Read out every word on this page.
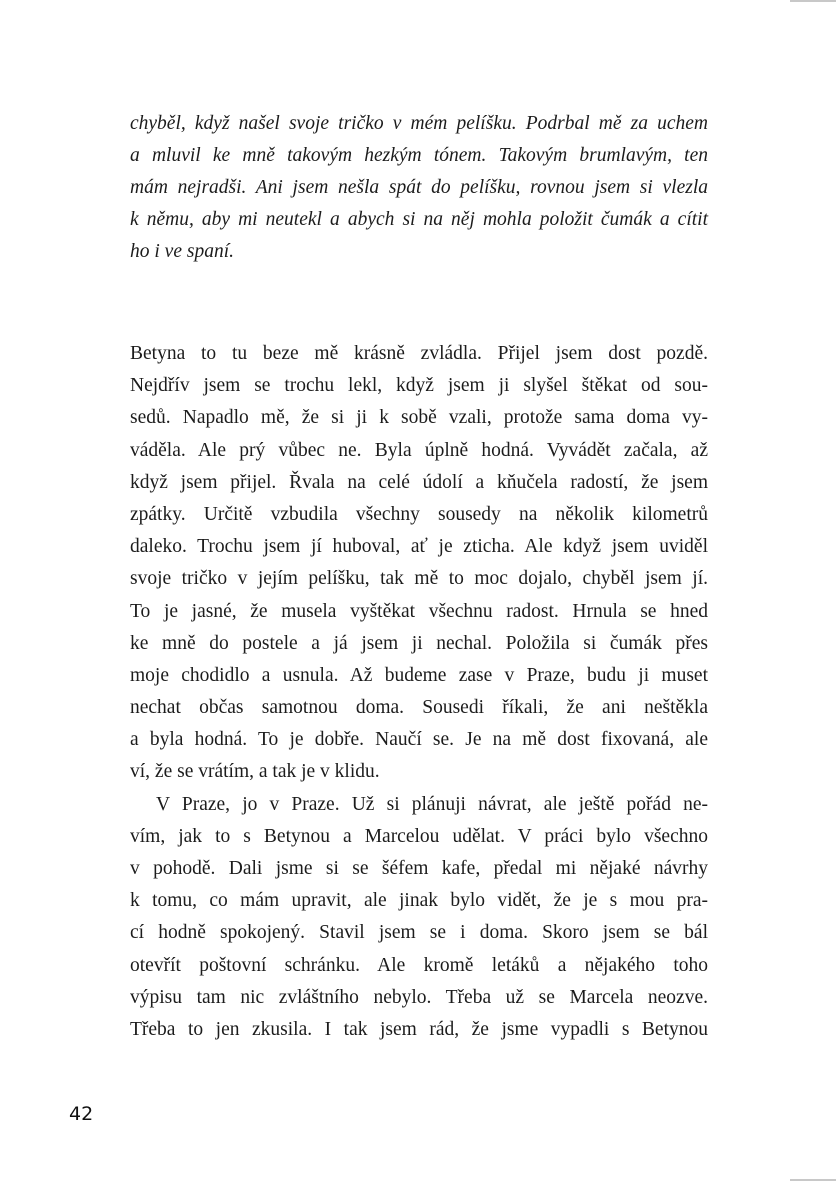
chyběl, když našel svoje tričko v mém pelíšku. Podrbal mě za uchem
a mluvil ke mně takovým hezkým tónem. Takovým brumlavým, ten
mám nejradši. Ani jsem nešla spát do pelíšku, rovnou jsem si vlezla
k němu, aby mi neutekl a abych si na něj mohla položit čumák a cítit
ho i ve spaní.
Betyna to tu beze mě krásně zvládla. Přijel jsem dost pozdě.
Nejdřív jsem se trochu lekl, když jsem ji slyšel štěkat od sou-
sedů. Napadlo mě, že si ji k sobě vzali, protože sama doma vy-
váděla. Ale prý vůbec ne. Byla úplně hodná. Vyvádět začala, až
když jsem přijel. Řvala na celé údolí a kňučela radostí, že jsem
zpátky. Určitě vzbudila všechny sousedy na několik kilometrů
daleko. Trochu jsem jí huboval, ať je zticha. Ale když jsem uviděl
svoje tričko v jejím pelíšku, tak mě to moc dojalo, chyběl jsem jí.
To je jasné, že musela vyštěkat všechnu radost. Hrnula se hned
ke mně do postele a já jsem ji nechal. Položila si čumák přes
moje chodidlo a usnula. Až budeme zase v Praze, budu ji muset
nechat občas samotnou doma. Sousedi říkali, že ani neštěkla
a byla hodná. To je dobře. Naučí se. Je na mě dost fixovaná, ale
ví, že se vrátím, a tak je v klidu.
V Praze, jo v Praze. Už si plánuji návrat, ale ještě pořád ne-
vím, jak to s Betynou a Marcelou udělat. V práci bylo všechno
v pohodě. Dali jsme si se šéfem kafe, předal mi nějaké návrhy
k tomu, co mám upravit, ale jinak bylo vidět, že je s mou pra-
cí hodně spokojený. Stavil jsem se i doma. Skoro jsem se bál
otevřít poštovní schránku. Ale kromě letáků a nějakého toho
výpisu tam nic zvláštního nebylo. Třeba už se Marcela neozve.
Třeba to jen zkusila. I tak jsem rád, že jsme vypadli s Betynou
42
